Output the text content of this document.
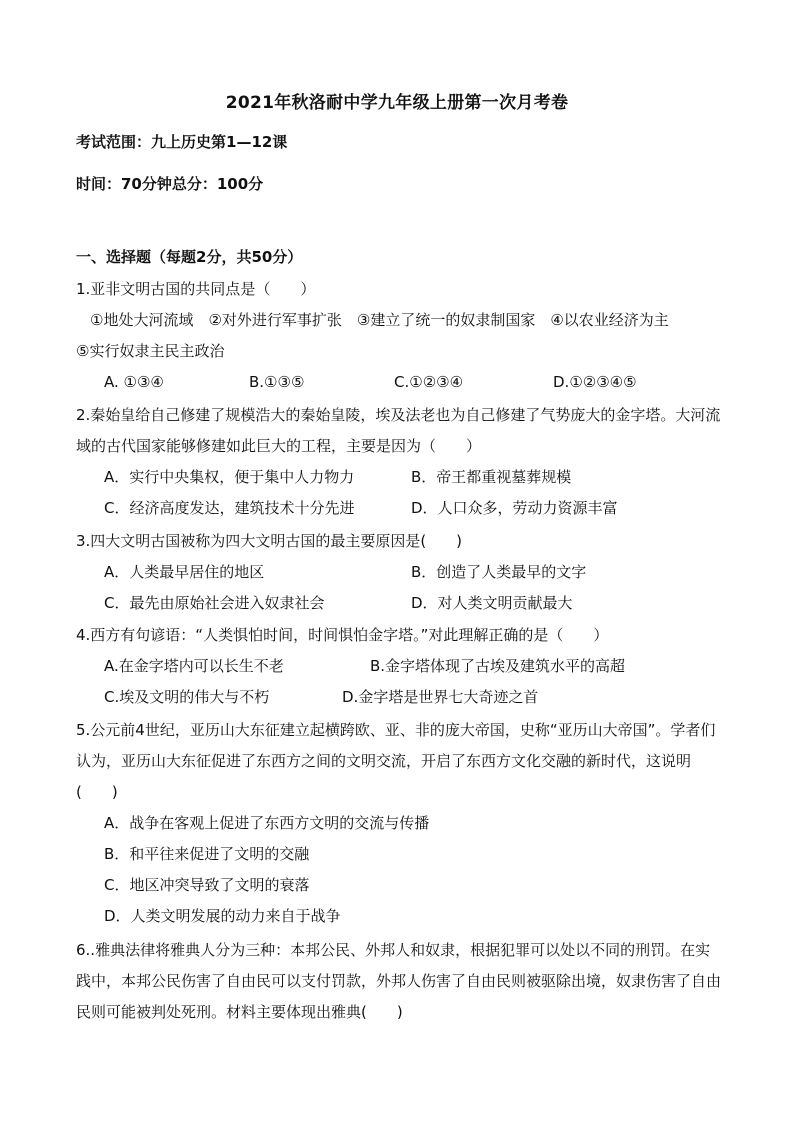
2021年秋洛耐中学九年级上册第一次月考卷
考试范围：九上历史第1—12课
时间：70分钟总分：100分
一、选择题（每题2分，共50分）
1.亚非文明古国的共同点是（　　）
①地处大河流域　②对外进行军事扩张　③建立了统一的奴隶制国家　④以农业经济为主
⑤实行奴隶主民主政治
A. ①③④	B.①③⑤	C.①②③④	D.①②③④⑤
2.秦始皇给自己修建了规模浩大的秦始皇陵，埃及法老也为自己修建了气势庞大的金字塔。大河流域的古代国家能够修建如此巨大的工程，主要是因为（　　）
A．实行中央集权，便于集中人力物力	B．帝王都重视墓葬规模
C．经济高度发达，建筑技术十分先进	D．人口众多，劳动力资源丰富
3.四大文明古国被称为四大文明古国的最主要原因是(　　)
A．人类最早居住的地区	B．创造了人类最早的文字
C．最先由原始社会进入奴隶社会	D．对人类文明贡献最大
4.西方有句谚语：“人类惧怕时间，时间惧怕金字塔。”对此理解正确的是（　　）
A.在金字塔内可以长生不老	B.金字塔体现了古埃及建筑水平的高超
C.埃及文明的伟大与不朽	D.金字塔是世界七大奇迹之首
5.公元前4世纪，亚历山大东征建立起横跨欧、亚、非的庞大帝国，史称“亚历山大帝国”。学者们认为，亚历山大东征促进了东西方之间的文明交流，开启了东西方文化交融的新时代，这说明(　　)
A．战争在客观上促进了东西方文明的交流与传播
B．和平往来促进了文明的交融
C．地区冲突导致了文明的衰落
D．人类文明发展的动力来自于战争
6..雅典法律将雅典人分为三种：本邦公民、外邦人和奴隶，根据犯罪可以处以不同的刑罚。在实践中，本邦公民伤害了自由民可以支付罚款，外邦人伤害了自由民则被驱除出境，奴隶伤害了自由民则可能被判处死刑。材料主要体现出雅典(　　)
